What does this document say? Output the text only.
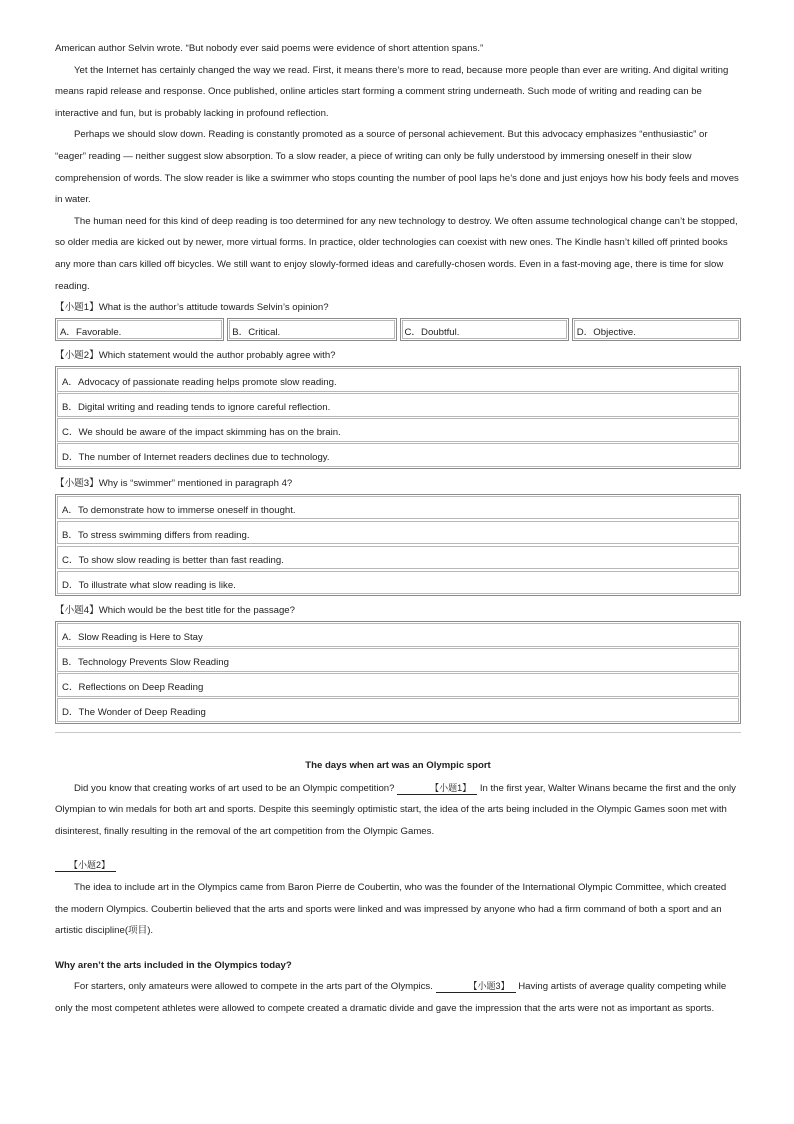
American author Selvin wrote. “But nobody ever said poems were evidence of short attention spans.”

Yet the Internet has certainly changed the way we read. First, it means there’s more to read, because more people than ever are writing. And digital writing means rapid release and response. Once published, online articles start forming a comment string underneath. Such mode of writing and reading can be interactive and fun, but is probably lacking in profound reflection.

Perhaps we should slow down. Reading is constantly promoted as a source of personal achievement. But this advocacy emphasizes “enthusiastic” or “eager” reading — neither suggest slow absorption. To a slow reader, a piece of writing can only be fully understood by immersing oneself in their slow comprehension of words. The slow reader is like a swimmer who stops counting the number of pool laps he’s done and just enjoys how his body feels and moves in water.

The human need for this kind of deep reading is too determined for any new technology to destroy. We often assume technological change can’t be stopped, so older media are kicked out by newer, more virtual forms. In practice, older technologies can coexist with new ones. The Kindle hasn’t killed off printed books any more than cars killed off bicycles. We still want to enjoy slowly-formed ideas and carefully-chosen words. Even in a fast-moving age, there is time for slow reading.

【小题1】What is the author’s attitude towards Selvin’s opinion?
A．Favorable.	B．Critical.	C．Doubtful.	D．Objective.
【小题2】Which statement would the author probably agree with?
A．Advocacy of passionate reading helps promote slow reading.
B．Digital writing and reading tends to ignore careful reflection.
C．We should be aware of the impact skimming has on the brain.
D．The number of Internet readers declines due to technology.
【小题3】Why is “swimmer” mentioned in paragraph 4?
A．To demonstrate how to immerse oneself in thought.
B．To stress swimming differs from reading.
C．To show slow reading is better than fast reading.
D．To illustrate what slow reading is like.
【小题4】Which would be the best title for the passage?
A．Slow Reading is Here to Stay
B．Technology Prevents Slow Reading
C．Reflections on Deep Reading
D．The Wonder of Deep Reading
The days when art was an Olympic sport

Did you know that creating works of art used to be an Olympic competition?	【小题1】 In the first year, Walter Winans became the first and the only Olympian to win medals for both art and sports. Despite this seemingly optimistic start, the idea of the arts being included in the Olympic Games soon met with disinterest, finally resulting in the removal of the art competition from the Olympic Games.

【小题2】

The idea to include art in the Olympics came from Baron Pierre de Coubertin, who was the founder of the International Olympic Committee, which created the modern Olympics. Coubertin believed that the arts and sports were linked and was impressed by anyone who had a firm command of both a sport and an artistic discipline(项目).

Why aren’t the arts included in the Olympics today?

For starters, only amateurs were allowed to compete in the arts part of the Olympics.	【小题3】 Having artists of average quality competing while only the most competent athletes were allowed to compete created a dramatic divide and gave the impression that the arts were not as important as sports.
